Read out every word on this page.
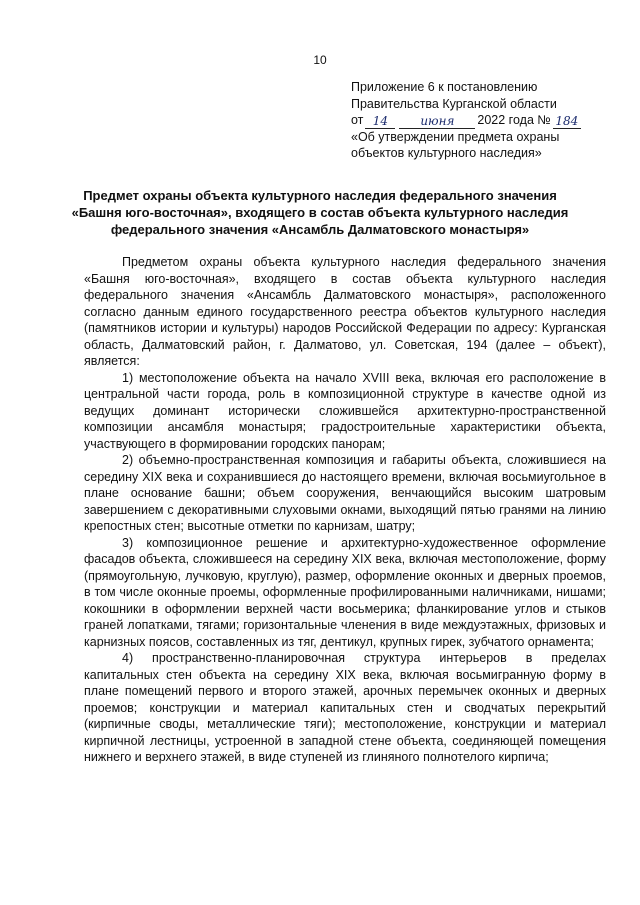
10
Приложение 6 к постановлению
Правительства Курганской области
от 14	июня	2022 года № 184
«Об утверждении предмета охраны
объектов культурного наследия»
Предмет охраны объекта культурного наследия федерального значения «Башня юго-восточная», входящего в состав объекта культурного наследия федерального значения «Ансамбль Далматовского монастыря»

Предметом охраны объекта культурного наследия федерального значения «Башня юго-восточная», входящего в состав объекта культурного наследия федерального значения «Ансамбль Далматовского монастыря», расположенного согласно данным единого государственного реестра объектов культурного наследия (памятников истории и культуры) народов Российской Федерации по адресу: Курганская область, Далматовский район, г. Далматово, ул. Советская, 194 (далее – объект), является:

1) местоположение объекта на начало XVIII века, включая его расположение в центральной части города, роль в композиционной структуре в качестве одной из ведущих доминант исторически сложившейся архитектурно-пространственной композиции ансамбля монастыря; градостроительные характеристики объекта, участвующего в формировании городских панорам;

2) объемно-пространственная композиция и габариты объекта, сложившиеся на середину XIX века и сохранившиеся до настоящего времени, включая восьмиугольное в плане основание башни; объем сооружения, венчающийся высоким шатровым завершением с декоративными слуховыми окнами, выходящий пятью гранями на линию крепостных стен; высотные отметки по карнизам, шатру;

3) композиционное решение и архитектурно-художественное оформление фасадов объекта, сложившееся на середину XIX века, включая местоположение, форму (прямоугольную, лучковую, круглую), размер, оформление оконных и дверных проемов, в том числе оконные проемы, оформленные профилированными наличниками, нишами; кокошники в оформлении верхней части восьмерика; фланкирование углов и стыков граней лопатками, тягами; горизонтальные членения в виде междуэтажных, фризовых и карнизных поясов, составленных из тяг, дентикул, крупных гирек, зубчатого орнамента;

4) пространственно-планировочная структура интерьеров в пределах капитальных стен объекта на середину XIX века, включая восьмигранную форму в плане помещений первого и второго этажей, арочных перемычек оконных и дверных проемов; конструкции и материал капитальных стен и сводчатых перекрытий (кирпичные своды, металлические тяги); местоположение, конструкции и материал кирпичной лестницы, устроенной в западной стене объекта, соединяющей помещения нижнего и верхнего этажей, в виде ступеней из глиняного полнотелого кирпича;
